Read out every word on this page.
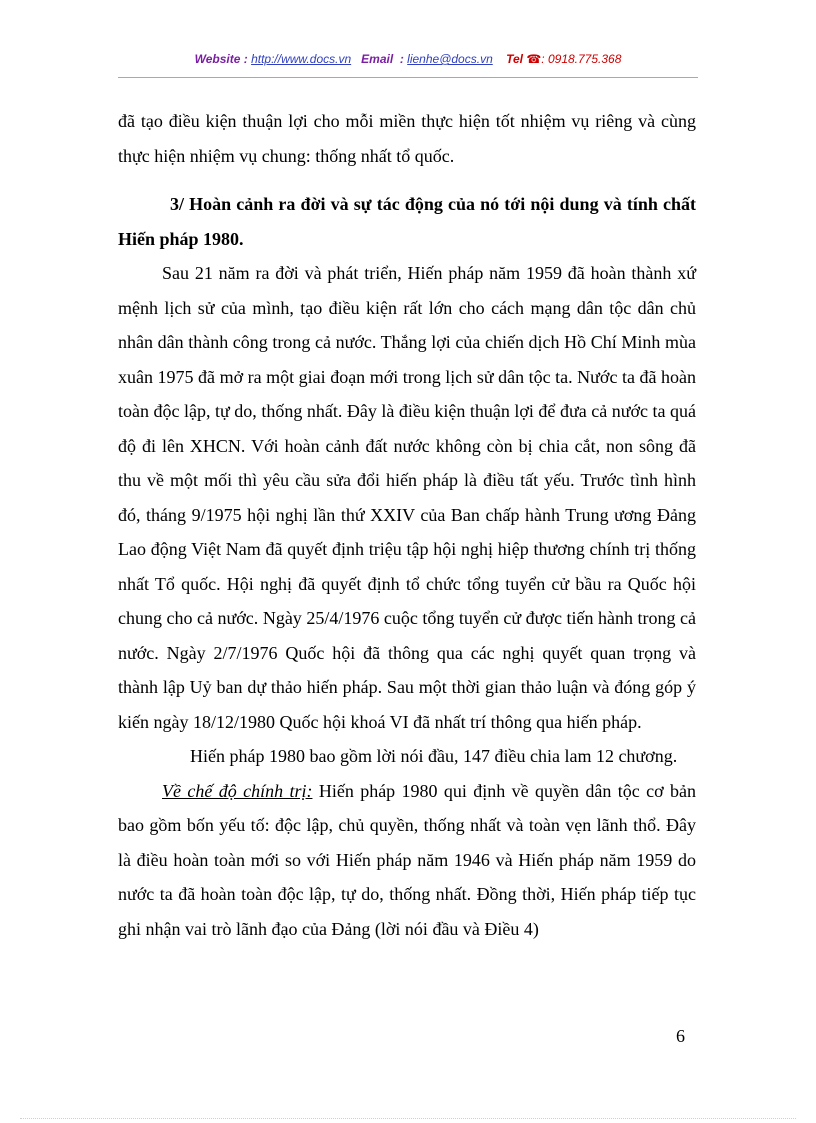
Website : http://www.docs.vn Email : lienhe@docs.vn Tel ☎: 0918.775.368

đã tạo điều kiện thuận lợi cho mỗi miền thực hiện tốt nhiệm vụ riêng và cùng thực hiện nhiệm vụ chung: thống nhất tổ quốc.

3/ Hoàn cảnh ra đời và sự tác động của nó tới nội dung và tính chất Hiến pháp 1980.

Sau 21 năm ra đời và phát triển, Hiến pháp năm 1959 đã hoàn thành xứ mệnh lịch sử của mình, tạo điều kiện rất lớn cho cách mạng dân tộc dân chủ nhân dân thành công trong cả nước. Thắng lợi của chiến dịch Hồ Chí Minh mùa xuân 1975 đã mở ra một giai đoạn mới trong lịch sử dân tộc ta. Nước ta đã hoàn toàn độc lập, tự do, thống nhất. Đây là điều kiện thuận lợi để đưa cả nước ta quá độ đi lên XHCN. Với hoàn cảnh đất nước không còn bị chia cắt, non sông đã thu về một mối thì yêu cầu sửa đổi hiến pháp là điều tất yếu. Trước tình hình đó, tháng 9/1975 hội nghị lần thứ XXIV của Ban chấp hành Trung ương Đảng Lao động Việt Nam đã quyết định triệu tập hội nghị hiệp thương chính trị thống nhất Tổ quốc. Hội nghị đã quyết định tổ chức tổng tuyển cử bầu ra Quốc hội chung cho cả nước. Ngày 25/4/1976 cuộc tổng tuyển cử được tiến hành trong cả nước. Ngày 2/7/1976 Quốc hội đã thông qua các nghị quyết quan trọng và thành lập Uỷ ban dự thảo hiến pháp. Sau một thời gian thảo luận và đóng góp ý kiến ngày 18/12/1980 Quốc hội khoá VI đã nhất trí thông qua hiến pháp.

Hiến pháp 1980 bao gồm lời nói đầu, 147 điều chia lam 12 chương.

Về chế độ chính trị: Hiến pháp 1980 qui định về quyền dân tộc cơ bản bao gồm bốn yếu tố: độc lập, chủ quyền, thống nhất và toàn vẹn lãnh thổ. Đây là điều hoàn toàn mới so với Hiến pháp năm 1946 và Hiến pháp năm 1959 do nước ta đã hoàn toàn độc lập, tự do, thống nhất. Đồng thời, Hiến pháp tiếp tục ghi nhận vai trò lãnh đạo của Đảng (lời nói đầu và Điều 4)

6
